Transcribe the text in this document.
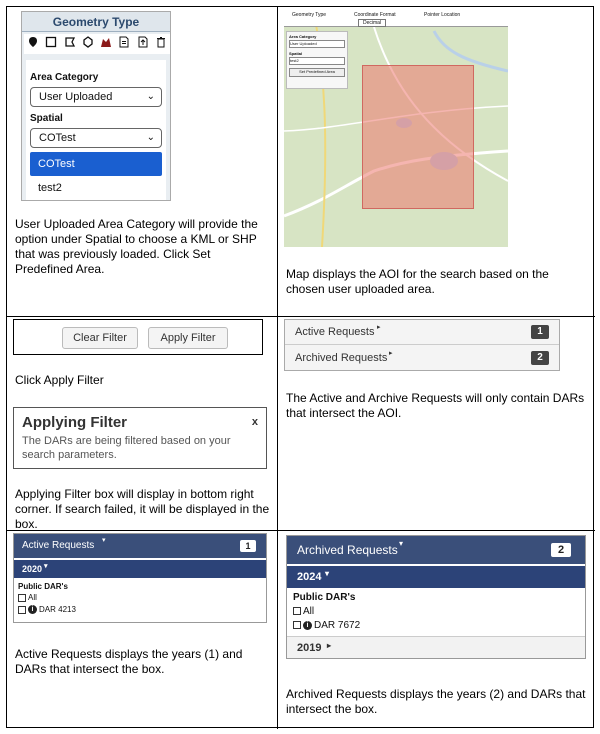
Geometry Type
Area Category
User Uploaded	⌄
Spatial
COTest	⌄
COTest
test2
User Uploaded Area Category will provide the option under Spatial to choose a KML or SHP that was previously loaded. Click Set Predefined Area.
Geometry Type	Coordinate Format	Pointer Location
Decimal
Area Category
User Uploaded
Spatial
test2
Set Predefined Area
Map displays the AOI for the search based on the chosen user uploaded area.
Clear Filter	Apply Filter
Click Apply Filter
Applying Filter	x
The DARs are being filtered based on your search parameters.
Applying Filter box will display in bottom right corner. If search failed, it will be displayed in the box.
Active Requests ▸	1
Archived Requests ▸	2
The Active and Archive Requests will only contain DARs that intersect the AOI.
Active Requests ▾
1
2020 ▾
Public DAR's
All
i DAR 4213
Active Requests displays the years (1) and DARs that intersect the box.
Archived Requests ▾
2
2024 ▾
Public DAR's
All
i DAR 7672
2019 ▸
Archived Requests displays the years (2) and DARs that intersect the box.
